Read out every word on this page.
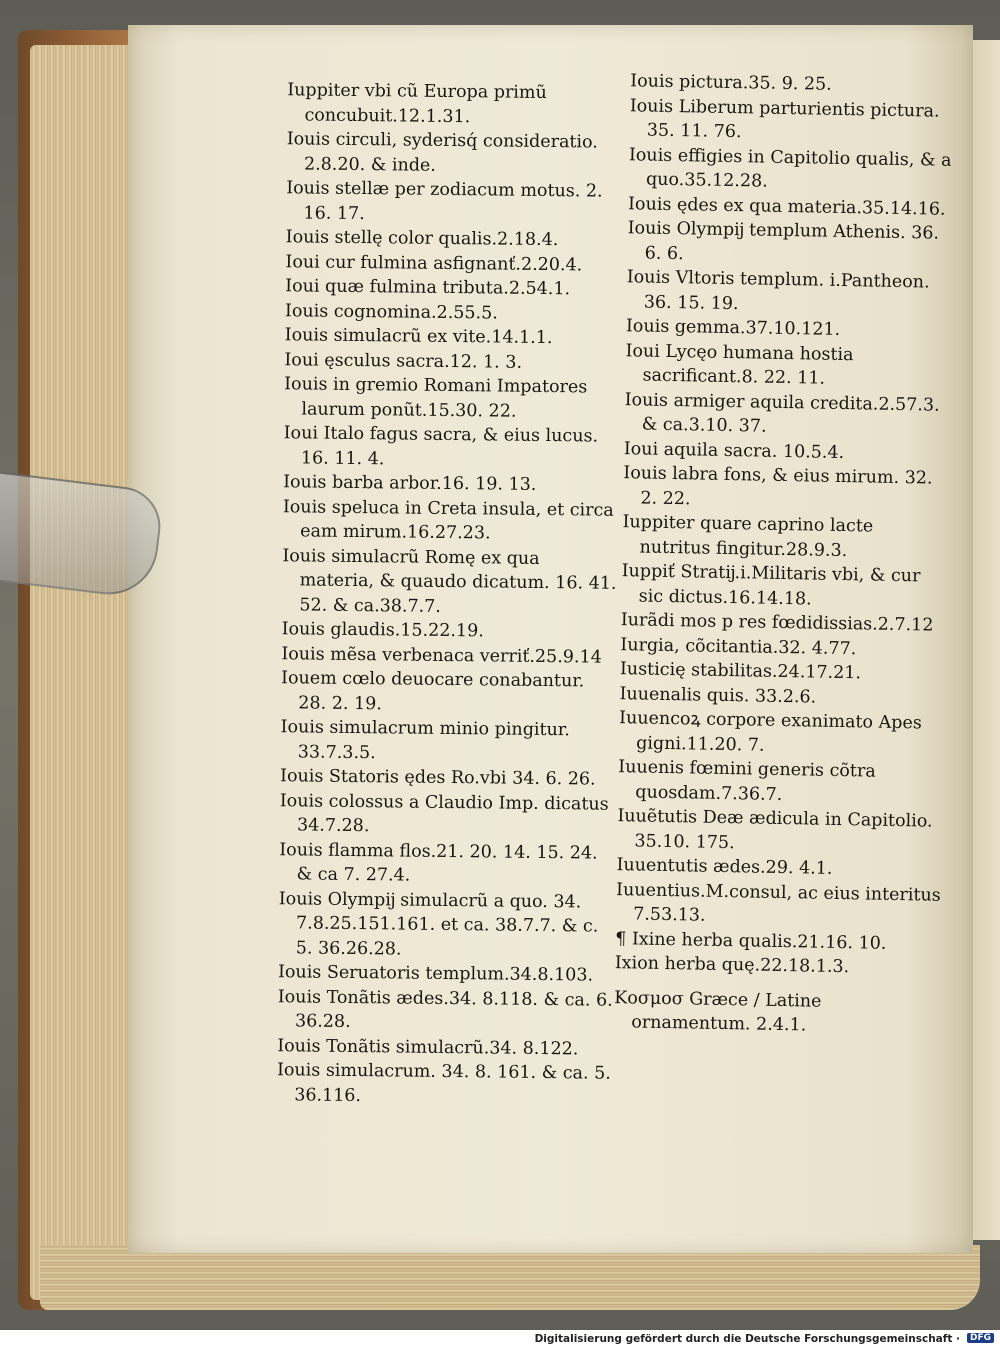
Iuppiter vbi cũ Europa primũ concubuit.12.1.31.

Iouis circuli, syderisq́ consideratio. 2.8.20. & inde.

Iouis stellæ per zodiacum motus. 2. 16. 17.

Iouis stellę color qualis.2.18.4.

Ioui cur fulmina asfignanť.2.20.4.

Ioui quæ fulmina tributa.2.54.1.

Iouis cognomina.2.55.5.

Iouis simulacrũ ex vite.14.1.1.

Ioui ęsculus sacra.12. 1. 3.

Iouis in gremio Romani Impatores laurum ponũt.15.30. 22.

Ioui Italo fagus sacra, & eius lucus. 16. 11. 4.

Iouis barba arbor.16. 19. 13.

Iouis speluca in Creta insula, et circa eam mirum.16.27.23.

Iouis simulacrũ Romę ex qua materia, & quaudo dicatum. 16. 41. 52. & ca.38.7.7.

Iouis glaudis.15.22.19.

Iouis mẽsa verbenaca verriť.25.9.14

Iouem cœlo deuocare conabantur. 28. 2. 19.

Iouis simulacrum minio pingitur. 33.7.3.5.

Iouis Statoris ędes Ro.vbi 34. 6. 26.

Iouis colossus a Claudio Imp. dicatus 34.7.28.

Iouis flamma flos.21. 20. 14. 15. 24. & ca 7. 27.4.

Iouis Olympĳ simulacrũ a quo. 34. 7.8.25.151.161. et ca. 38.7.7. & c. 5. 36.26.28.

Iouis Seruatoris templum.34.8.103.

Iouis Tonãtis ædes.34. 8.118. & ca. 6. 36.28.

Iouis Tonãtis simulacrũ.34. 8.122.

Iouis simulacrum. 34. 8. 161. & ca. 5. 36.116.

Iouis pictura.35. 9. 25.

Iouis Liberum parturientis pictura. 35. 11. 76.

Iouis effigies in Capitolio qualis, & a quo.35.12.28.

Iouis ędes ex qua materia.35.14.16.

Iouis Olympĳ templum Athenis. 36. 6. 6.

Iouis Vltoris templum. i.Pantheon. 36. 15. 19.

Iouis gemma.37.10.121.

Ioui Lycęo humana hostia sacrificant.8. 22. 11.

Iouis armiger aquila credita.2.57.3. & ca.3.10. 37.

Ioui aquila sacra. 10.5.4.

Iouis labra fons, & eius mirum. 32. 2. 22.

Iuppiter quare caprino lacte nutritus fingitur.28.9.3.

Iuppiť Stratĳ.i.Militaris vbi, & cur sic dictus.16.14.18.

Iurãdi mos p res fœdidissias.2.7.12

Iurgia, cõcitantia.32. 4.77.

Iusticię stabilitas.24.17.21.

Iuuenalis quis. 33.2.6.

Iuuencoꝝ corpore exanimato Apes gigni.11.20. 7.

Iuuenis fœmini generis cõtra quosdam.7.36.7.

Iuuẽtutis Deæ ædicula in Capitolio. 35.10. 175.

Iuuentutis ædes.29. 4.1.

Iuuentius.M.consul, ac eius interitus 7.53.13.

¶ Ixine herba qualis.21.16. 10.

Ixion herba quę.22.18.1.3.

Κοσμοσ Græce / Latine ornamentum. 2.4.1.

Digitalisierung gefördert durch die Deutsche Forschungsgemeinschaft ·	DFG
